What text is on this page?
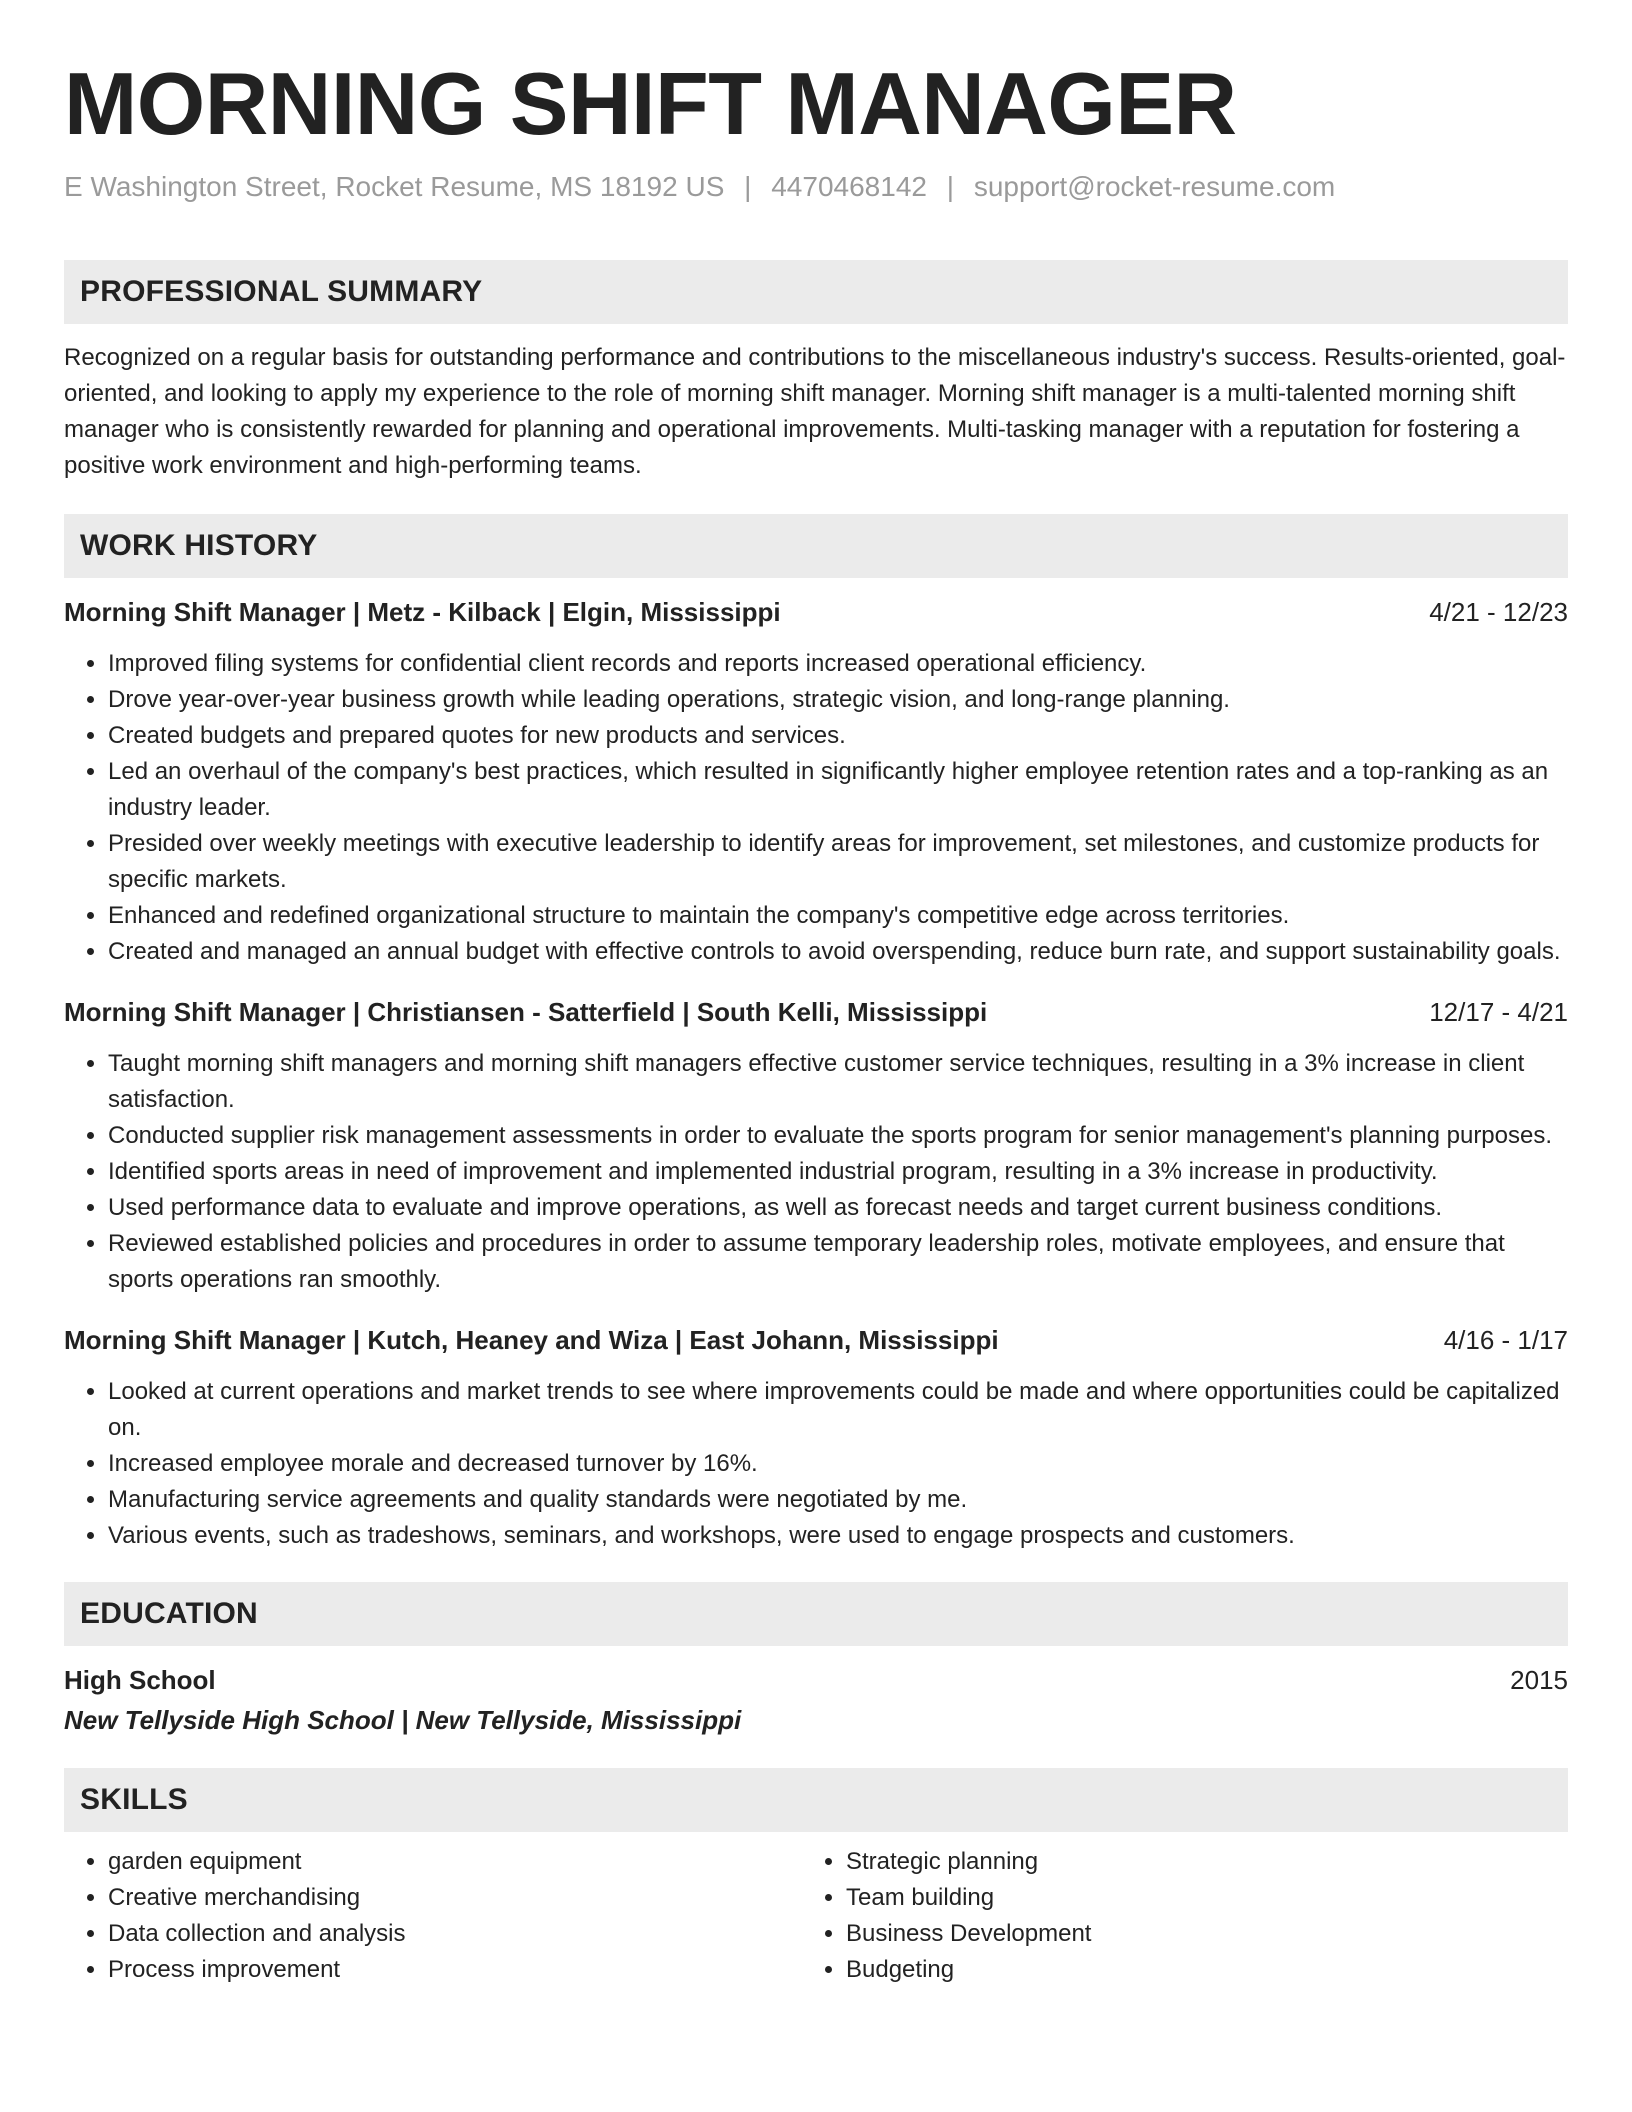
MORNING SHIFT MANAGER
E Washington Street, Rocket Resume, MS 18192 US | 4470468142 | support@rocket-resume.com
PROFESSIONAL SUMMARY
Recognized on a regular basis for outstanding performance and contributions to the miscellaneous industry's success. Results-oriented, goal-oriented, and looking to apply my experience to the role of morning shift manager. Morning shift manager is a multi-talented morning shift manager who is consistently rewarded for planning and operational improvements. Multi-tasking manager with a reputation for fostering a positive work environment and high-performing teams.
WORK HISTORY
Morning Shift Manager | Metz - Kilback | Elgin, Mississippi	4/21 - 12/23
• Improved filing systems for confidential client records and reports increased operational efficiency.
• Drove year-over-year business growth while leading operations, strategic vision, and long-range planning.
• Created budgets and prepared quotes for new products and services.
• Led an overhaul of the company's best practices, which resulted in significantly higher employee retention rates and a top-ranking as an industry leader.
• Presided over weekly meetings with executive leadership to identify areas for improvement, set milestones, and customize products for specific markets.
• Enhanced and redefined organizational structure to maintain the company's competitive edge across territories.
• Created and managed an annual budget with effective controls to avoid overspending, reduce burn rate, and support sustainability goals.
Morning Shift Manager | Christiansen - Satterfield | South Kelli, Mississippi	12/17 - 4/21
• Taught morning shift managers and morning shift managers effective customer service techniques, resulting in a 3% increase in client satisfaction.
• Conducted supplier risk management assessments in order to evaluate the sports program for senior management's planning purposes.
• Identified sports areas in need of improvement and implemented industrial program, resulting in a 3% increase in productivity.
• Used performance data to evaluate and improve operations, as well as forecast needs and target current business conditions.
• Reviewed established policies and procedures in order to assume temporary leadership roles, motivate employees, and ensure that sports operations ran smoothly.
Morning Shift Manager | Kutch, Heaney and Wiza | East Johann, Mississippi	4/16 - 1/17
• Looked at current operations and market trends to see where improvements could be made and where opportunities could be capitalized on.
• Increased employee morale and decreased turnover by 16%.
• Manufacturing service agreements and quality standards were negotiated by me.
• Various events, such as tradeshows, seminars, and workshops, were used to engage prospects and customers.
EDUCATION
High School	2015
New Tellyside High School | New Tellyside, Mississippi
SKILLS
• garden equipment
• Creative merchandising
• Data collection and analysis
• Process improvement
• Strategic planning
• Team building
• Business Development
• Budgeting
